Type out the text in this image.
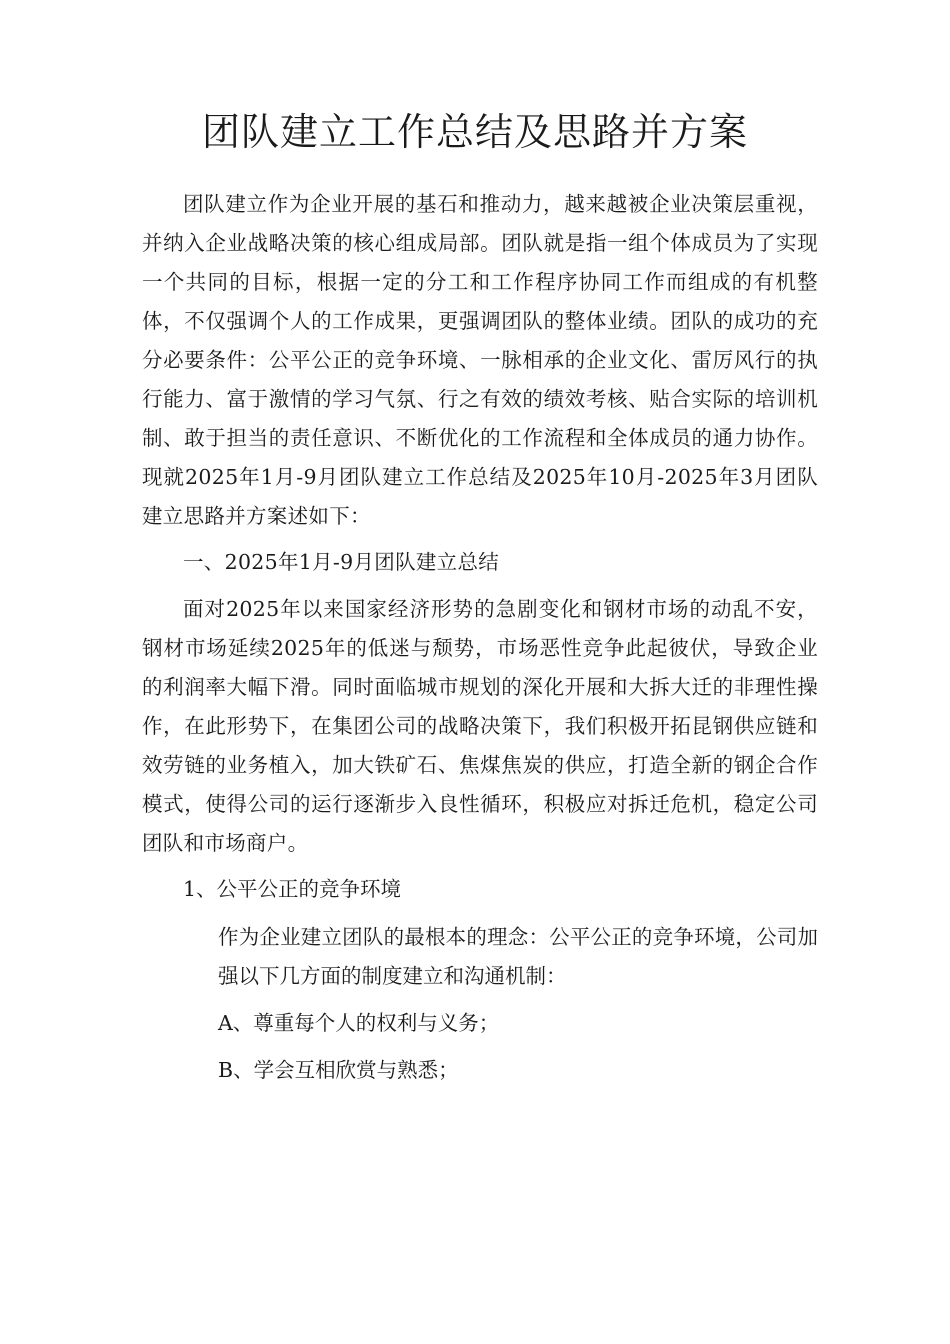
团队建立工作总结及思路并方案

团队建立作为企业开展的基石和推动力，越来越被企业决策层重视，并纳入企业战略决策的核心组成局部。团队就是指一组个体成员为了实现一个共同的目标，根据一定的分工和工作程序协同工作而组成的有机整体，不仅强调个人的工作成果，更强调团队的整体业绩。团队的成功的充分必要条件：公平公正的竞争环境、一脉相承的企业文化、雷厉风行的执行能力、富于激情的学习气氛、行之有效的绩效考核、贴合实际的培训机制、敢于担当的责任意识、不断优化的工作流程和全体成员的通力协作。现就2025年1月-9月团队建立工作总结及2025年10月-2025年3月团队建立思路并方案述如下：

一、2025年1月-9月团队建立总结

面对2025年以来国家经济形势的急剧变化和钢材市场的动乱不安，钢材市场延续2025年的低迷与颓势，市场恶性竞争此起彼伏，导致企业的利润率大幅下滑。同时面临城市规划的深化开展和大拆大迁的非理性操作，在此形势下，在集团公司的战略决策下，我们积极开拓昆钢供应链和效劳链的业务植入，加大铁矿石、焦煤焦炭的供应，打造全新的钢企合作模式，使得公司的运行逐渐步入良性循环，积极应对拆迁危机，稳定公司团队和市场商户。

1、公平公正的竞争环境

作为企业建立团队的最根本的理念：公平公正的竞争环境，公司加强以下几方面的制度建立和沟通机制：

A、尊重每个人的权利与义务；

B、学会互相欣赏与熟悉；
